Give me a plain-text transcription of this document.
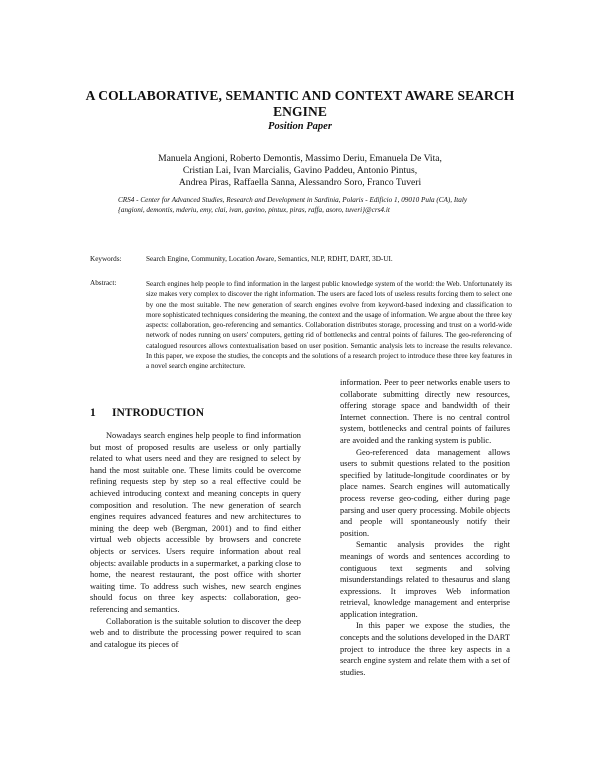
A COLLABORATIVE, SEMANTIC AND CONTEXT AWARE SEARCH ENGINE
Position Paper
Manuela Angioni, Roberto Demontis, Massimo Deriu, Emanuela De Vita,
Cristian Lai, Ivan Marcialis, Gavino Paddeu, Antonio Pintus,
Andrea Piras, Raffaella Sanna, Alessandro Soro, Franco Tuveri
CRS4 - Center for Advanced Studies, Research and Development in Sardinia, Polaris - Edificio 1, 09010 Pula (CA), Italy
{angioni, demontis, mderiu, emy, clai, ivan, gavino, pintux, piras, raffa, asoro, tuveri}@crs4.it
Keywords:	Search Engine, Community, Location Aware, Semantics, NLP, RDHT, DART, 3D-UI.
Abstract:	Search engines help people to find information in the largest public knowledge system of the world: the Web. Unfortunately its size makes very complex to discover the right information. The users are faced lots of useless results forcing them to select one by one the most suitable. The new generation of search engines evolve from keyword-based indexing and classification to more sophisticated techniques considering the meaning, the context and the usage of information. We argue about the three key aspects: collaboration, geo-referencing and semantics. Collaboration distributes storage, processing and trust on a world-wide network of nodes running on users' computers, getting rid of bottlenecks and central points of failures. The geo-referencing of catalogued resources allows contextualisation based on user position. Semantic analysis lets to increase the results relevance. In this paper, we expose the studies, the concepts and the solutions of a research project to introduce these three key features in a novel search engine architecture.
1 INTRODUCTION

Nowadays search engines help people to find information but most of proposed results are useless or only partially related to what users need and they are resigned to select by hand the most suitable one. These limits could be overcome refining requests step by step so a real effective could be achieved introducing context and meaning concepts in query composition and resolution. The new generation of search engines requires advanced features and new architectures to mining the deep web (Bergman, 2001) and to find either virtual web objects accessible by browsers and concrete objects or services. Users require information about real objects: available products in a supermarket, a parking close to home, the nearest restaurant, the post office with shorter waiting time. To address such wishes, new search engines should focus on three key aspects: collaboration, geo-referencing and semantics.

Collaboration is the suitable solution to discover the deep web and to distribute the processing power required to scan and catalogue its pieces of

information. Peer to peer networks enable users to collaborate submitting directly new resources, offering storage space and bandwidth of their Internet connection. There is no central control system, bottlenecks and central points of failures are avoided and the ranking system is public.

Geo-referenced data management allows users to submit questions related to the position specified by latitude-longitude coordinates or by place names. Search engines will automatically process reverse geo-coding, either during page parsing and user query processing. Mobile objects and people will spontaneously notify their position.

Semantic analysis provides the right meanings of words and sentences according to contiguous text segments and solving misunderstandings related to thesaurus and slang expressions. It improves Web information retrieval, knowledge management and enterprise application integration.

In this paper we expose the studies, the concepts and the solutions developed in the DART project to introduce the three key aspects in a search engine system and relate them with a set of studies.
